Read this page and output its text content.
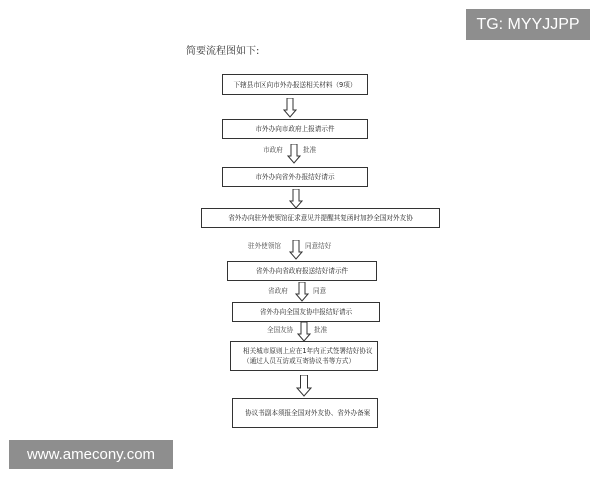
TG: MYYJJPP
www.amecony.com
简要流程图如下:
下辖县市区向市外办报送相关材料（9项）
市外办向市政府上报请示件
市政府	批准
市外办向省外办报结好请示
省外办向驻外使领馆征求意见并提醒其复函时加抄全国对外友协
驻外使领馆	同意结好
省外办向省政府报送结好请示件
省政府	同意
省外办向全国友协申报结好请示
全国友协	批准
相关城市原则上应在1年内正式签署结好协议（通过人员互访或互寄协议书等方式）
协议书副本须报全国对外友协、省外办备案
